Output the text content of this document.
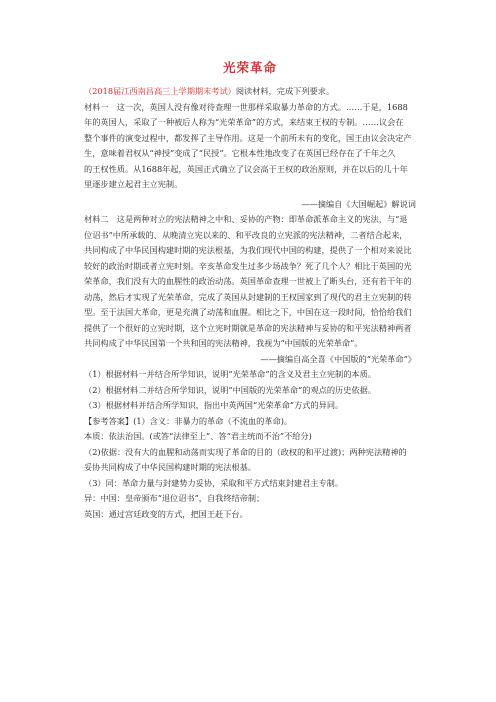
光荣革命
（2018届江西南昌高三上学期期末考试）阅读材料，完成下列要求。
材料一　这一次，英国人没有像对待查理一世那样采取暴力革命的方式。……于是，1688
年的英国人，采取了一种被后人称为“光荣革命”的方式，来结束王权的专制。……议会在
整个事件的演变过程中，都发挥了主导作用。这是一个前所未有的变化，国王由议会决定产
生，意味着君权从“神授”变成了“民授”。它根本性地改变了在英国已经存在了千年之久
的王权性质。从1688年起，英国正式确立了议会高于王权的政治原则，并在以后的几十年
里逐步建立起君主立宪制。
——摘编自《大国崛起》解说词
材料二　这是两种对立的宪法精神之中和、妥协的产物：即革命派革命主义的宪法，与“退
位诏书”中所承载的、从晚清立宪以来的、和平改良的立宪派的宪法精神，二者结合起来，
共同构成了中华民国构建时期的宪法根基，为我们现代中国的构建，提供了一个相对来说比
较好的政治时期或者立宪时刻。辛亥革命发生过多少场战争？死了几个人？相比于英国的光
荣革命，我们没有大的血腥性的政治动荡。英国革命查理一世被上了断头台，还有若干年的
动荡，然后才实现了光荣革命，完成了英国从封建制的王权国家到了现代的君主立宪制的转
型。至于法国大革命，更是充满了动荡和血腥。相比之下，中国在这一段时间，恰恰给我们
提供了一个很好的立宪时期，这个立宪时期就是革命的宪法精神与妥协的和平宪法精神两者
共同构成了中华民国第一个共和国的宪法精神，我视为“中国版的光荣革命”。
——摘编自高全喜《中国版的“光荣革命”》
（1）根据材料一并结合所学知识，说明“光荣革命”的含义及君主立宪制的本质。
（2）根据材料二并结合所学知识，说明“中国版的光荣革命”的观点的历史依据。
（3）根据材料并结合所学知识，指出中英两国“光荣革命”方式的异同。
【参考答案】(1）含义：非暴力的革命（不流血的革命)。
本质：依法治国。(或答“法律至上”、答“君主统而不治”不给分)
（2)依据：没有大的血腥和动荡而实现了革命的目的（政权的和平过渡)；两种宪法精神的
妥协共同构成了中华民国构建时期的宪法根基。
（3）同：革命力量与封建势力妥协，采取和平方式结束封建君主专制。
异：中国：皇帝颁布“退位诏书”，自我终结帝制；
英国：通过宫廷政变的方式，把国王赶下台。
